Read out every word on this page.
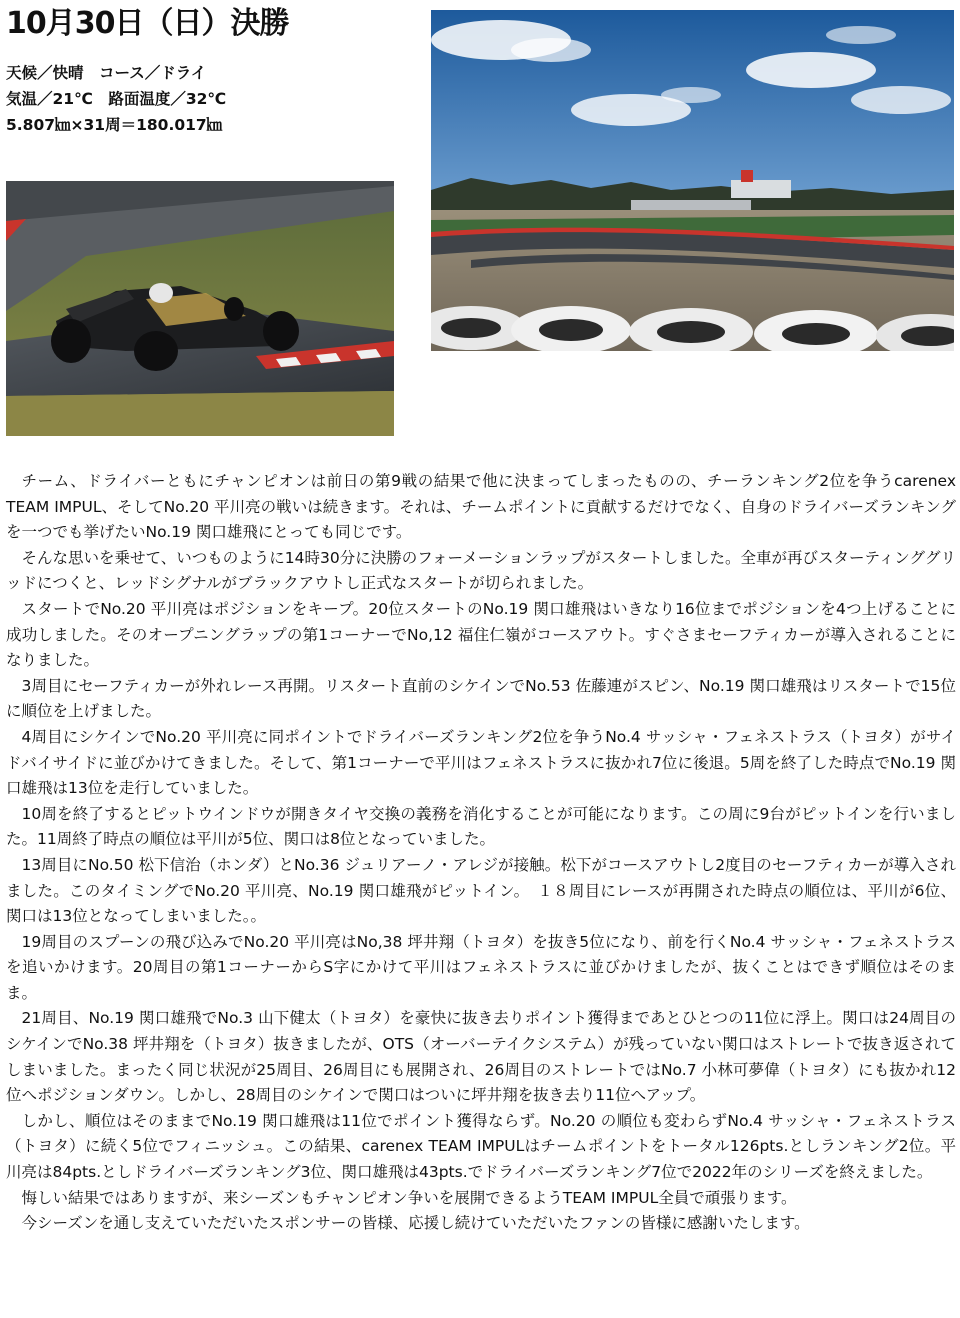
10月30日（日）決勝
天候／快晴　コース／ドライ
気温／21℃　路面温度／32℃
5.807㎞×31周＝180.017㎞

チーム、ドライバーともにチャンピオンは前日の第9戦の結果で他に決まってしまったものの、チーランキング2位を争うcarenex TEAM IMPUL、そしてNo.20 平川亮の戦いは続きます。それは、チームポイントに貢献するだけでなく、自身のドライバーズランキングを一つでも挙げたいNo.19 関口雄飛にとっても同じです。

そんな思いを乗せて、いつものように14時30分に決勝のフォーメーションラップがスタートしました。全車が再びスターティンググリッドにつくと、レッドシグナルがブラックアウトし正式なスタートが切られました。

スタートでNo.20 平川亮はポジションをキープ。20位スタートのNo.19 関口雄飛はいきなり16位までポジションを4つ上げることに成功しました。そのオープニングラップの第1コーナーでNo,12 福住仁嶺がコースアウト。すぐさまセーフティカーが導入されることになりました。

3周目にセーフティカーが外れレース再開。リスタート直前のシケインでNo.53 佐藤連がスピン、No.19 関口雄飛はリスタートで15位に順位を上げました。

4周目にシケインでNo.20 平川亮に同ポイントでドライバーズランキング2位を争うNo.4 サッシャ・フェネストラス（トヨタ）がサイドバイサイドに並びかけてきました。そして、第1コーナーで平川はフェネストラスに抜かれ7位に後退。5周を終了した時点でNo.19 関口雄飛は13位を走行していました。

10周を終了するとピットウインドウが開きタイヤ交換の義務を消化することが可能になります。この周に9台がピットインを行いました。11周終了時点の順位は平川が5位、関口は8位となっていました。

13周目にNo.50 松下信治（ホンダ）とNo.36 ジュリアーノ・アレジが接触。松下がコースアウトし2度目のセーフティカーが導入されました。このタイミングでNo.20 平川亮、No.19 関口雄飛がピットイン。　１８周目にレースが再開された時点の順位は、平川が6位、関口は13位となってしまいました。。

19周目のスプーンの飛び込みでNo.20 平川亮はNo,38 坪井翔（トヨタ）を抜き5位になり、前を行くNo.4 サッシャ・フェネストラスを追いかけます。20周目の第1コーナーからS字にかけて平川はフェネストラスに並びかけましたが、抜くことはできず順位はそのまま。

21周目、No.19 関口雄飛でNo.3 山下健太（トヨタ）を豪快に抜き去りポイント獲得まであとひとつの11位に浮上。関口は24周目のシケインでNo.38 坪井翔を（トヨタ）抜きましたが、OTS（オーバーテイクシステム）が残っていない関口はストレートで抜き返されてしまいました。まったく同じ状況が25周目、26周目にも展開され、26周目のストレートではNo.7 小林可夢偉（トヨタ）にも抜かれ12位へポジションダウン。しかし、28周目のシケインで関口はついに坪井翔を抜き去り11位へアップ。

しかし、順位はそのままでNo.19 関口雄飛は11位でポイント獲得ならず。No.20 の順位も変わらずNo.4 サッシャ・フェネストラス（トヨタ）に続く5位でフィニッシュ。この結果、carenex TEAM IMPULはチームポイントをトータル126pts.としランキング2位。平川亮は84pts.としドライバーズランキング3位、関口雄飛は43pts.でドライバーズランキング7位で2022年のシリーズを終えました。

悔しい結果ではありますが、来シーズンもチャンピオン争いを展開できるようTEAM IMPUL全員で頑張ります。

今シーズンを通し支えていただいたスポンサーの皆様、応援し続けていただいたファンの皆様に感謝いたします。
